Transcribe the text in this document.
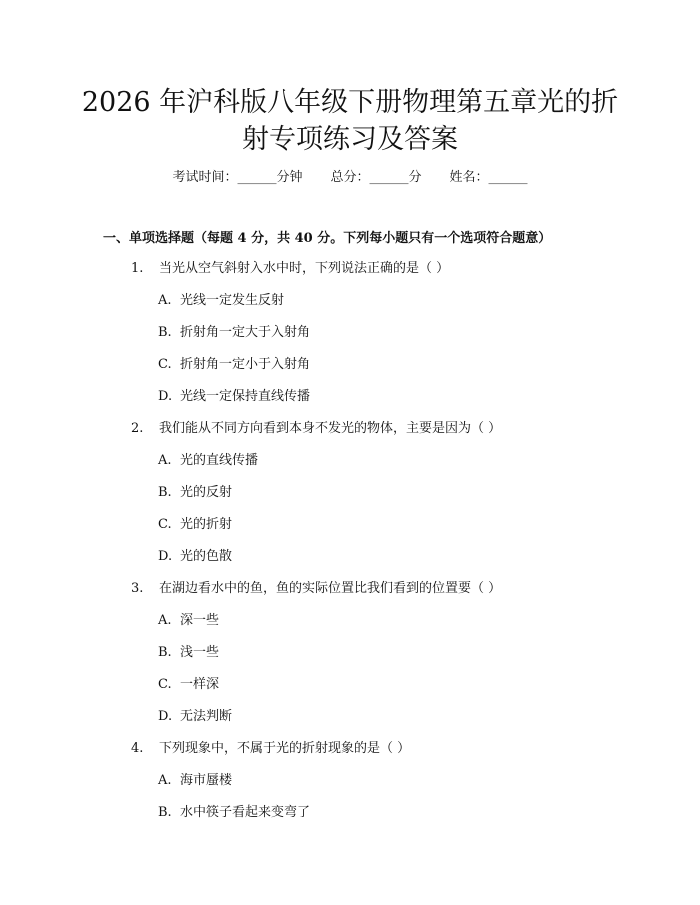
2026 年沪科版八年级下册物理第五章光的折
射专项练习及答案
考试时间：______分钟 总分：______分 姓名：______
一、单项选择题（每题 4 分，共 40 分。下列每小题只有一个选项符合题意）
1. 当光从空气斜射入水中时，下列说法正确的是（ ）
A. 光线一定发生反射
B. 折射角一定大于入射角
C. 折射角一定小于入射角
D. 光线一定保持直线传播
2. 我们能从不同方向看到本身不发光的物体，主要是因为（ ）
A. 光的直线传播
B. 光的反射
C. 光的折射
D. 光的色散
3. 在湖边看水中的鱼，鱼的实际位置比我们看到的位置要（ ）
A. 深一些
B. 浅一些
C. 一样深
D. 无法判断
4. 下列现象中，不属于光的折射现象的是（ ）
A. 海市蜃楼
B. 水中筷子看起来变弯了
